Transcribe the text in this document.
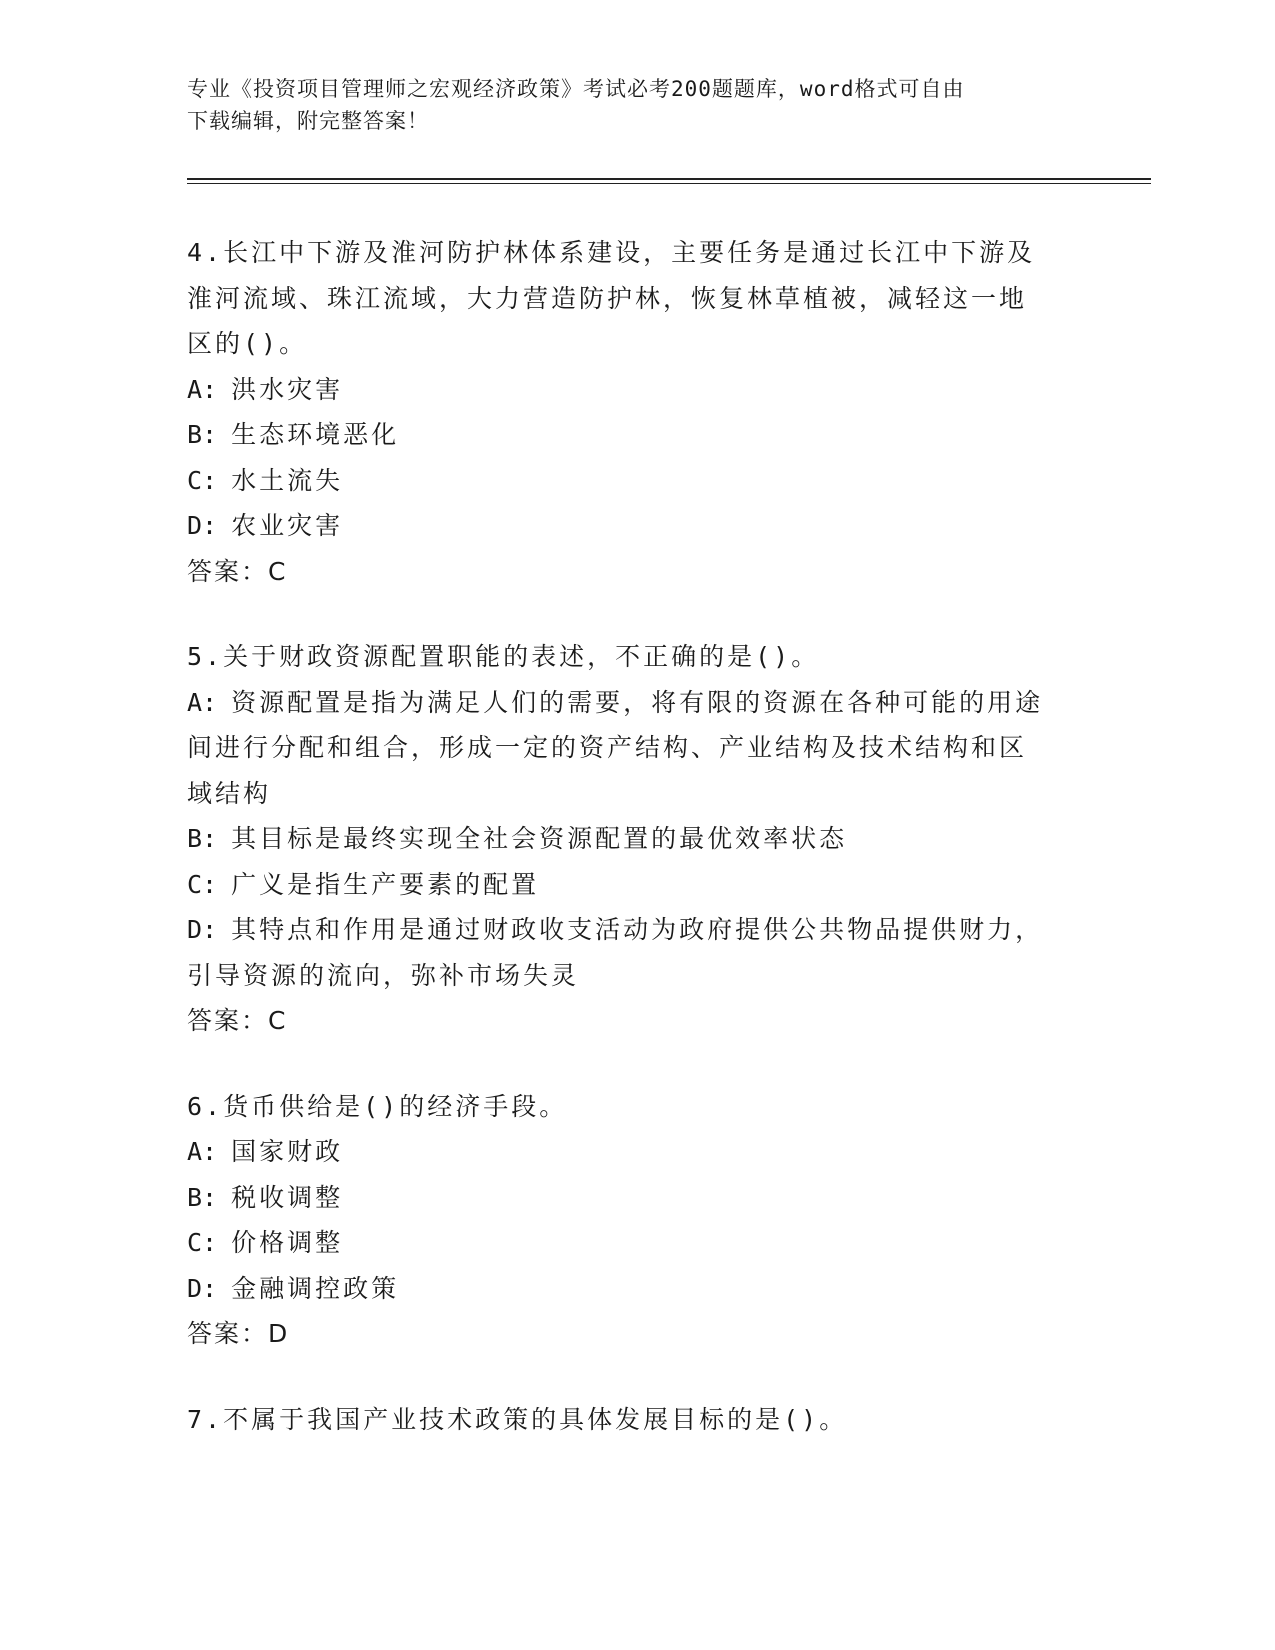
专业《投资项目管理师之宏观经济政策》考试必考200题题库，word格式可自由
下载编辑，附完整答案！

4.长江中下游及淮河防护林体系建设，主要任务是通过长江中下游及

淮河流域、珠江流域，大力营造防护林，恢复林草植被，减轻这一地

区的()。

A: 洪水灾害

B: 生态环境恶化

C: 水土流失

D: 农业灾害

答案：C

5.关于财政资源配置职能的表述，不正确的是()。

A: 资源配置是指为满足人们的需要，将有限的资源在各种可能的用途

间进行分配和组合，形成一定的资产结构、产业结构及技术结构和区

域结构

B: 其目标是最终实现全社会资源配置的最优效率状态

C: 广义是指生产要素的配置

D: 其特点和作用是通过财政收支活动为政府提供公共物品提供财力，

引导资源的流向，弥补市场失灵

答案：C

6.货币供给是()的经济手段。

A: 国家财政

B: 税收调整

C: 价格调整

D: 金融调控政策

答案：D

7.不属于我国产业技术政策的具体发展目标的是()。
